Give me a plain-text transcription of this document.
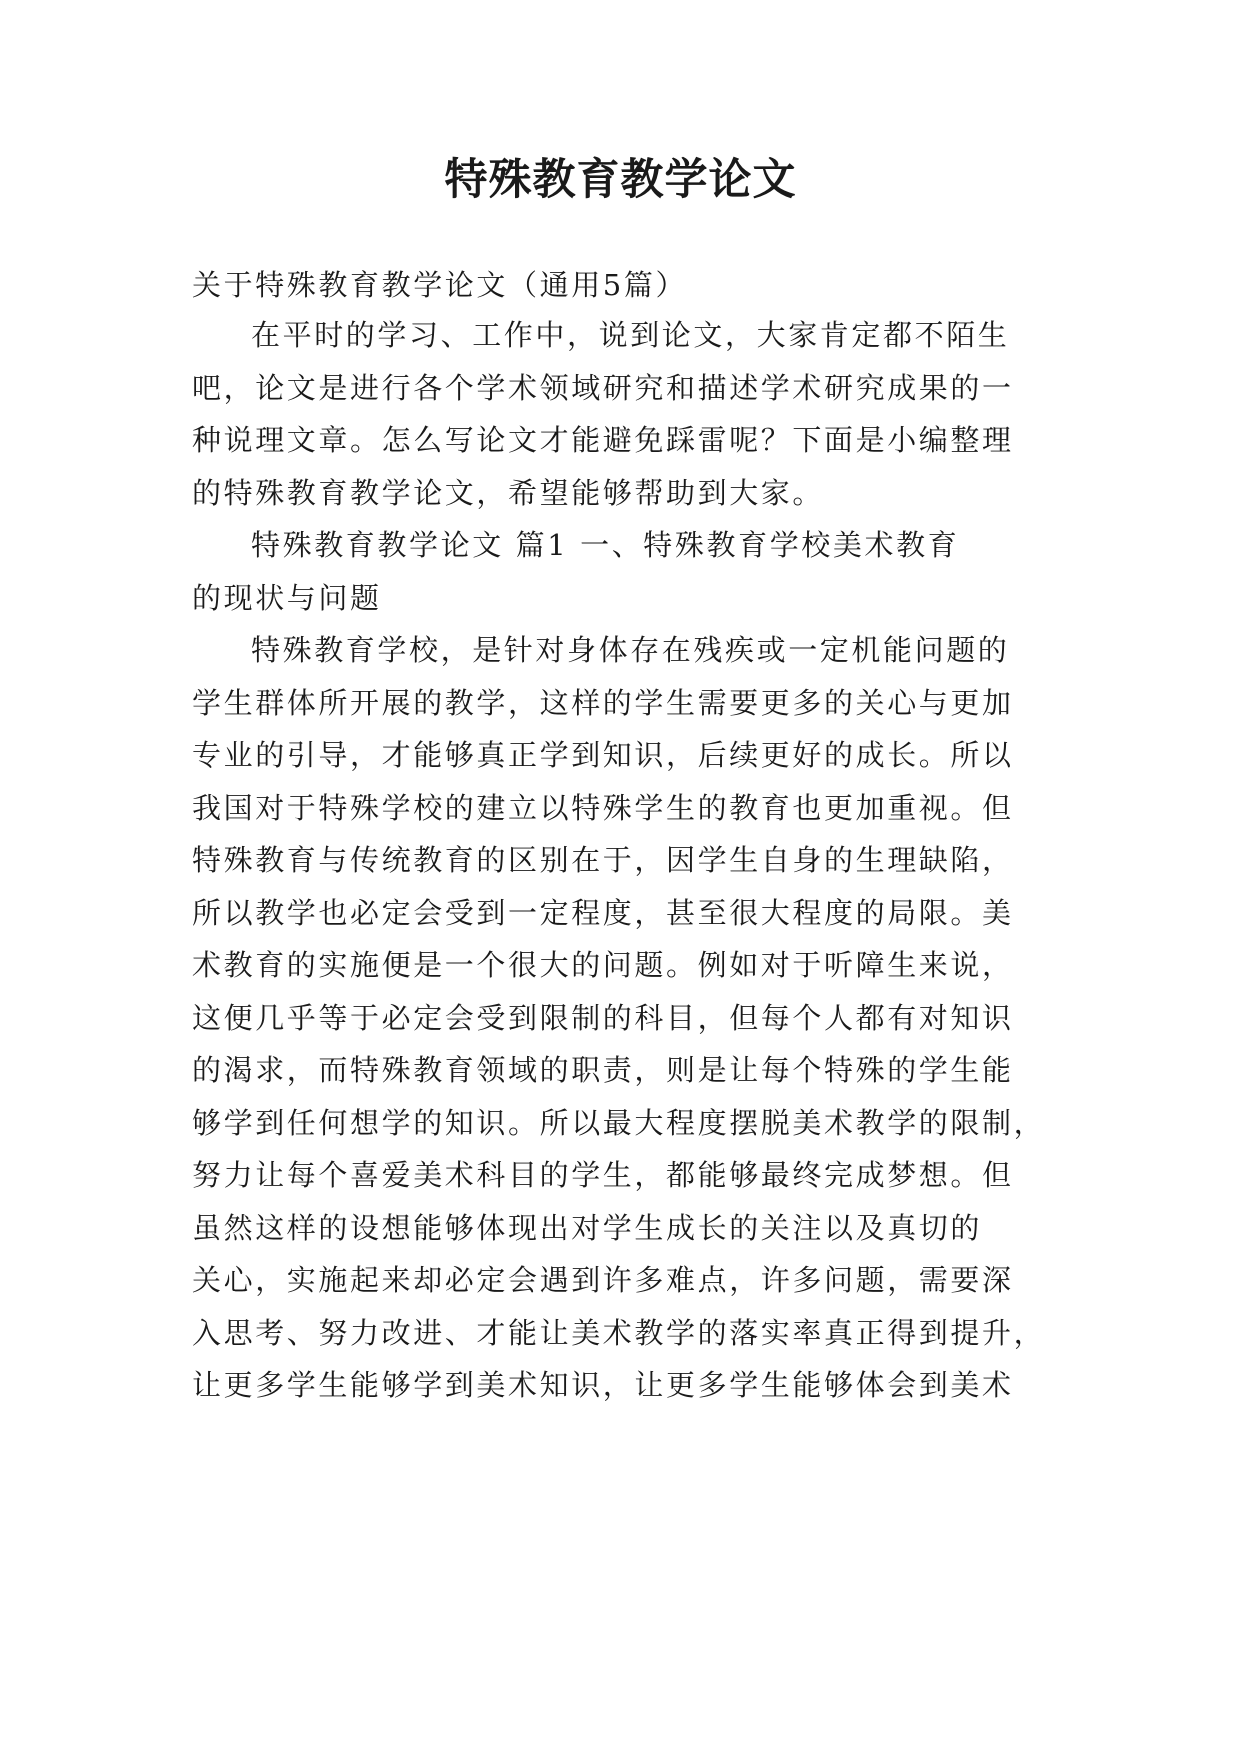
特殊教育教学论文

关于特殊教育教学论文（通用5篇）

在平时的学习、工作中，说到论文，大家肯定都不陌生

吧，论文是进行各个学术领域研究和描述学术研究成果的一

种说理文章。怎么写论文才能避免踩雷呢？下面是小编整理

的特殊教育教学论文，希望能够帮助到大家。

特殊教育教学论文 篇1 一、特殊教育学校美术教育

的现状与问题

特殊教育学校，是针对身体存在残疾或一定机能问题的

学生群体所开展的教学，这样的学生需要更多的关心与更加

专业的引导，才能够真正学到知识，后续更好的成长。所以

我国对于特殊学校的建立以特殊学生的教育也更加重视。但

特殊教育与传统教育的区别在于，因学生自身的生理缺陷，

所以教学也必定会受到一定程度，甚至很大程度的局限。美

术教育的实施便是一个很大的问题。例如对于听障生来说，

这便几乎等于必定会受到限制的科目，但每个人都有对知识

的渴求，而特殊教育领域的职责，则是让每个特殊的学生能

够学到任何想学的知识。所以最大程度摆脱美术教学的限制，

努力让每个喜爱美术科目的学生，都能够最终完成梦想。但

虽然这样的设想能够体现出对学生成长的关注以及真切的

关心，实施起来却必定会遇到许多难点，许多问题，需要深

入思考、努力改进、才能让美术教学的落实率真正得到提升，

让更多学生能够学到美术知识，让更多学生能够体会到美术
